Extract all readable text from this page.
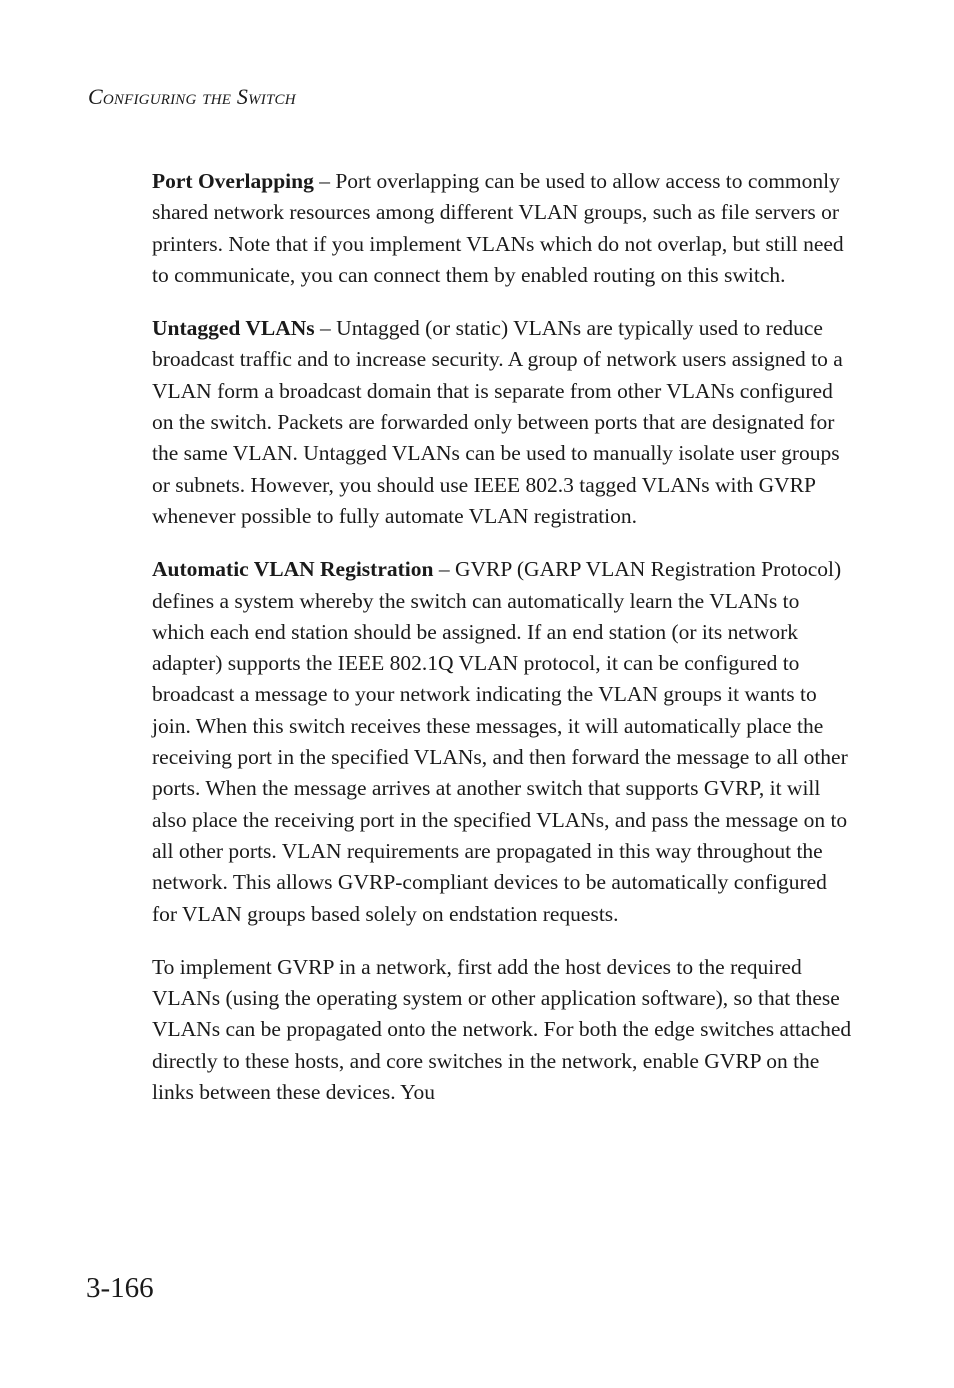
Configuring the Switch

Port Overlapping – Port overlapping can be used to allow access to commonly shared network resources among different VLAN groups, such as file servers or printers. Note that if you implement VLANs which do not overlap, but still need to communicate, you can connect them by enabled routing on this switch.

Untagged VLANs – Untagged (or static) VLANs are typically used to reduce broadcast traffic and to increase security. A group of network users assigned to a VLAN form a broadcast domain that is separate from other VLANs configured on the switch. Packets are forwarded only between ports that are designated for the same VLAN. Untagged VLANs can be used to manually isolate user groups or subnets. However, you should use IEEE 802.3 tagged VLANs with GVRP whenever possible to fully automate VLAN registration.

Automatic VLAN Registration – GVRP (GARP VLAN Registration Protocol) defines a system whereby the switch can automatically learn the VLANs to which each end station should be assigned. If an end station (or its network adapter) supports the IEEE 802.1Q VLAN protocol, it can be configured to broadcast a message to your network indicating the VLAN groups it wants to join. When this switch receives these messages, it will automatically place the receiving port in the specified VLANs, and then forward the message to all other ports. When the message arrives at another switch that supports GVRP, it will also place the receiving port in the specified VLANs, and pass the message on to all other ports. VLAN requirements are propagated in this way throughout the network. This allows GVRP-compliant devices to be automatically configured for VLAN groups based solely on endstation requests.

To implement GVRP in a network, first add the host devices to the required VLANs (using the operating system or other application software), so that these VLANs can be propagated onto the network. For both the edge switches attached directly to these hosts, and core switches in the network, enable GVRP on the links between these devices. You

3-166
